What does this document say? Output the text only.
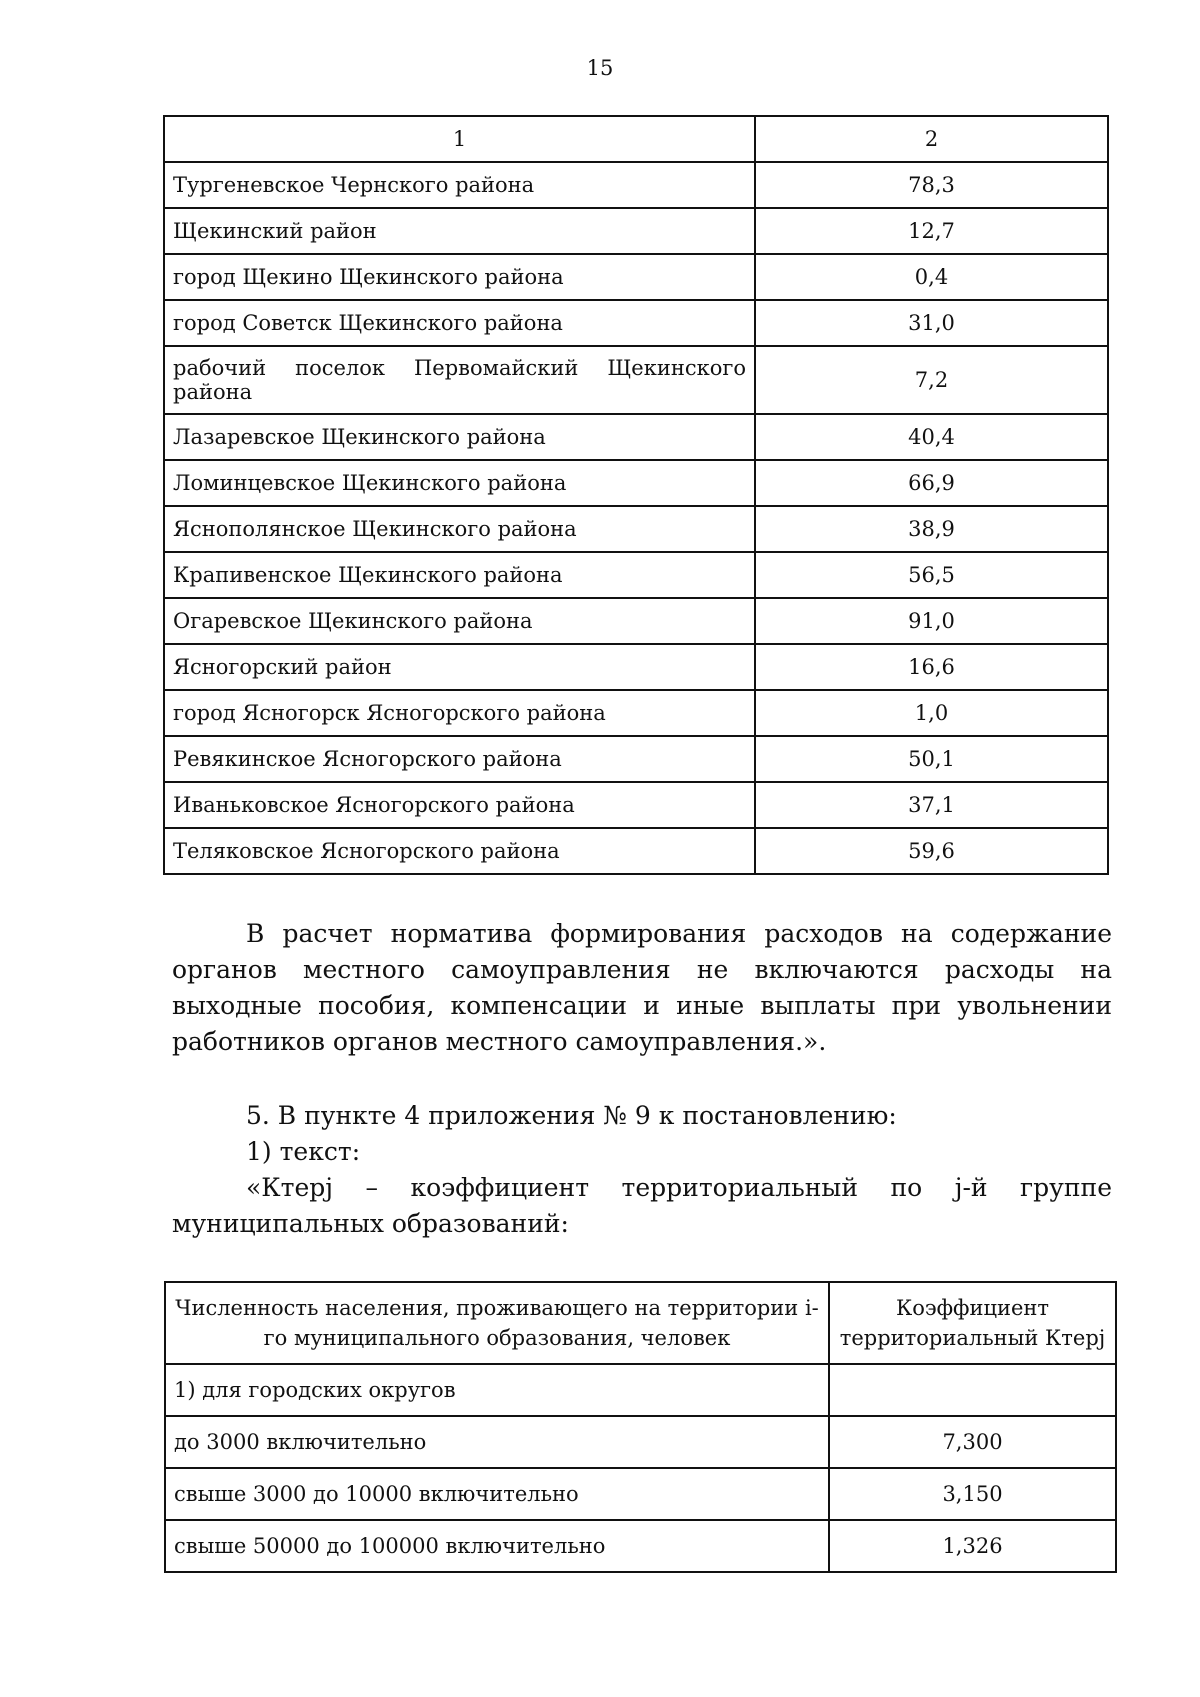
15
1	2
Тургеневское Чернского района	78,3
Щекинский район	12,7
город Щекино Щекинского района	0,4
город Советск Щекинского района	31,0
рабочий поселок Первомайский Щекинского района	7,2
Лазаревское Щекинского района	40,4
Ломинцевское Щекинского района	66,9
Яснополянское Щекинского района	38,9
Крапивенское Щекинского района	56,5
Огаревское Щекинского района	91,0
Ясногорский район	16,6
город Ясногорск Ясногорского района	1,0
Ревякинское Ясногорского района	50,1
Иваньковское Ясногорского района	37,1
Теляковское Ясногорского района	59,6

В расчет норматива формирования расходов на содержание органов местного самоуправления не включаются расходы на выходные пособия, компенсации и иные выплаты при увольнении работников органов местного самоуправления.».

5. В пункте 4 приложения № 9 к постановлению:

1) текст:

«Ктерj – коэффициент территориальный по j-й группе муниципальных образований:

Численность населения, проживающего на территории i-го муниципального образования, человек	Коэффициент территориальный Ктерj
1) для городских округов	
до 3000 включительно	7,300
свыше 3000 до 10000 включительно	3,150
свыше 50000 до 100000 включительно	1,326
